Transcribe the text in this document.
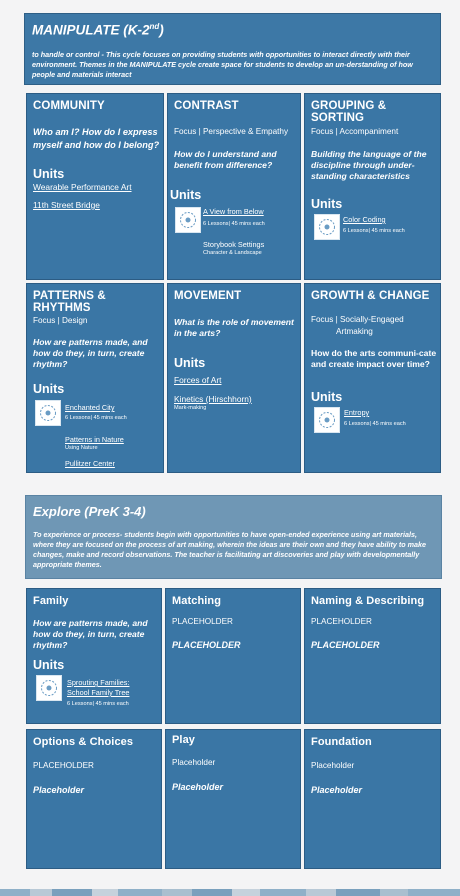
MANIPULATE (K-2nd)
to handle or control - This cycle focuses on providing students with opportunities to interact directly with their environment. Themes in the MANIPULATE cycle create space for students to develop an un-derstanding of how people and materials interact
COMMUNITY
Who am I? How do I express myself and how do I belong?
Units
Wearable Performance Art
11th Street Bridge
CONTRAST
Focus | Perspective & Empathy
How do I understand and benefit from difference?
Units
A View from Below
6 Lessons| 45 mins each
Storybook Settings
Character & Landscape
GROUPING & SORTING
Focus | Accompaniment
Building the language of the discipline through under-standing characteristics
Units
Color Coding
6 Lessons| 45 mins each
PATTERNS & RHYTHMS
Focus | Design
How are patterns made, and how do they, in turn, create rhythm?
Units
Enchanted City
6 Lessons| 45 mins each
Patterns in Nature
Using Nature
Pullitzer Center
MOVEMENT
What is the role of movement in the arts?
Units
Forces of Art
Kinetics (Hirschhorn)
Mark-making
GROWTH & CHANGE
Focus | Socially-Engaged
Artmaking
How do the arts communi-cate and create impact over time?
Units
Entropy
6 Lessons| 45 mins each
Explore (PreK 3-4)
To experience or process- students begin with opportunities to have open-ended experience using art materials, where they are focused on the process of art making, wherein the ideas are their own and they have ability to make changes, make and record observations. The teacher is facilitating art discoveries and play with developmentally appropriate themes.
Family
How are patterns made, and how do they, in turn, create rhythm?
Units
Sprouting Families:
School Family Tree
6 Lessons| 45 mins each
Matching
PLACEHOLDER
PLACEHOLDER
Naming & Describing
PLACEHOLDER
PLACEHOLDER
Options & Choices
PLACEHOLDER
Placeholder
Play
Placeholder
Placeholder
Foundation
Placeholder
Placeholder
